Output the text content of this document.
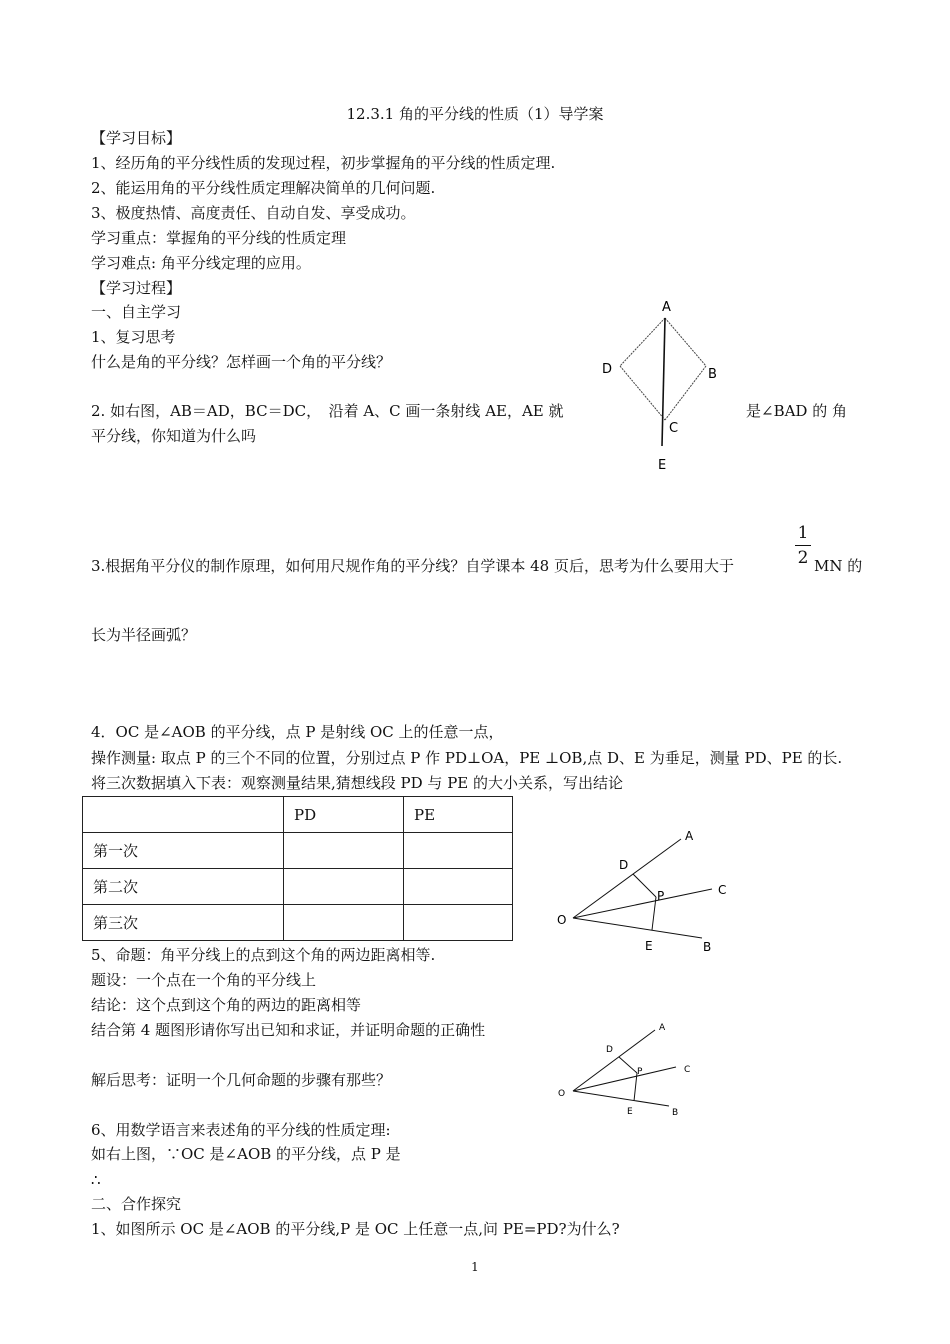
12.3.1 角的平分线的性质（1）导学案
【学习目标】
1、经历角的平分线性质的发现过程，初步掌握角的平分线的性质定理.
2、能运用角的平分线性质定理解决简单的几何问题.
3、极度热情、高度责任、自动自发、享受成功。
学习重点：掌握角的平分线的性质定理
学习难点: 角平分线定理的应用。
【学习过程】
一、自主学习
1、复习思考
什么是角的平分线？怎样画一个角的平分线？
2. 如右图，AB＝AD，BC＝DC，　沿着 A、C 画一条射线 AE，AE 就	是∠BAD 的 角
平分线，你知道为什么吗
A
B
C
D
E
3.根据角平分仪的制作原理，如何用尺规作角的平分线？自学课本 48 页后，思考为什么要用大于
1
2 MN 的
长为半径画弧？
4．OC 是∠AOB 的平分线，点 P 是射线 OC 上的任意一点，
操作测量: 取点 P 的三个不同的位置，分别过点 P 作 PD⊥OA，PE ⊥OB,点 D、E 为垂足，测量 PD、PE 的长.
将三次数据填入下表：观察测量结果,猜想线段 PD 与 PE 的大小关系，写出结论
	PD	PE
第一次		
第二次		
第三次		
A
B
C
D
E
O
P
5、命题：角平分线上的点到这个角的两边距离相等.
题设：一个点在一个角的平分线上
结论：这个点到这个角的两边的距离相等
结合第 4 题图形请你写出已知和求证，并证明命题的正确性
解后思考：证明一个几何命题的步骤有那些？
A
B
C
D
E
O
P
6、用数学语言来表述角的平分线的性质定理:
如右上图，∵OC 是∠AOB 的平分线，点 P 是
∴
二、合作探究
1、如图所示 OC 是∠AOB 的平分线,P 是 OC 上任意一点,问 PE=PD?为什么?
1
